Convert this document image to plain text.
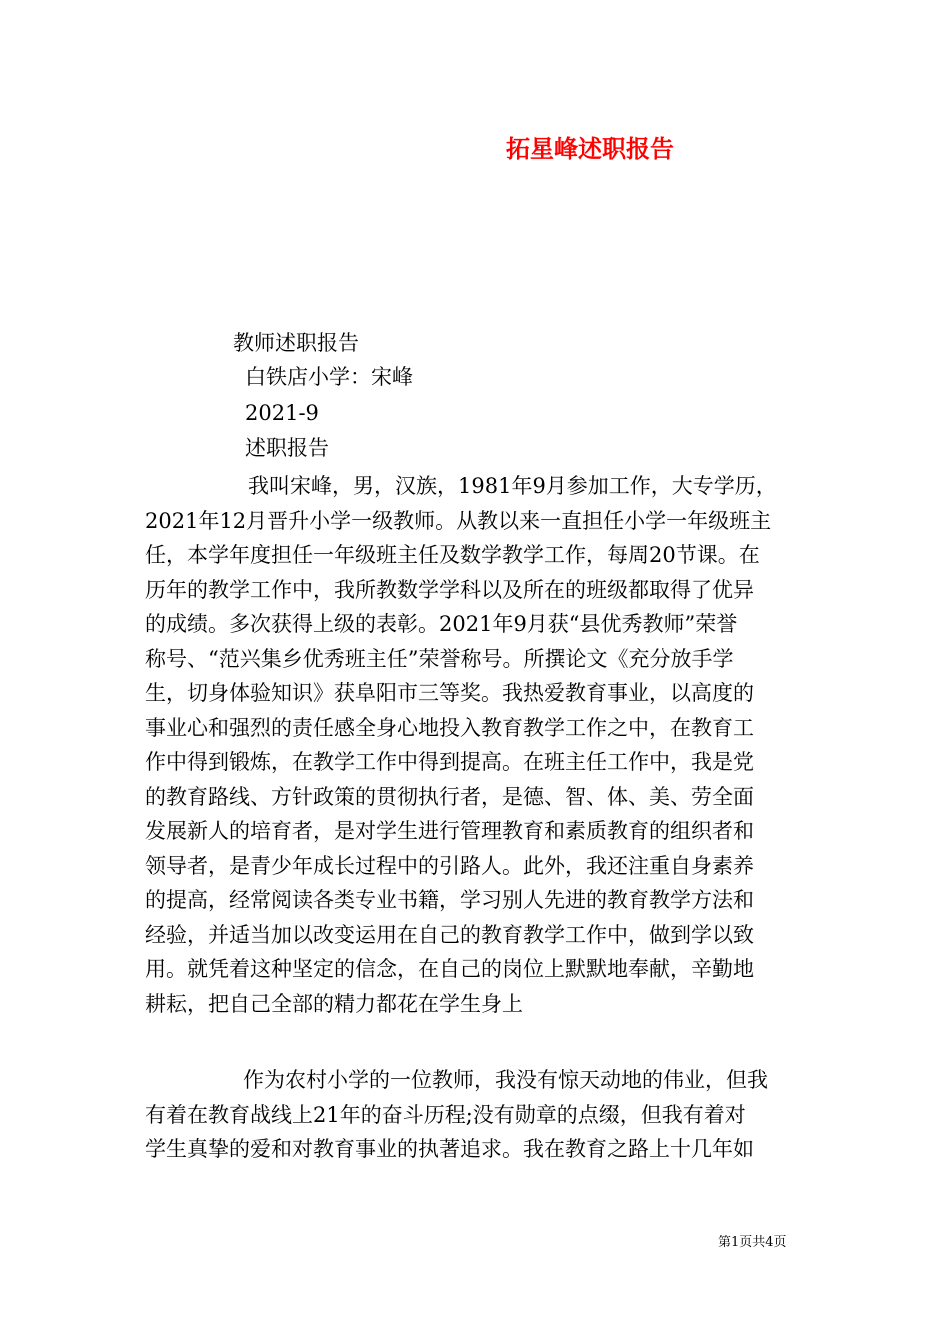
拓星峰述职报告
教师述职报告
白铁店小学：宋峰
2021-9
述职报告
我叫宋峰，男，汉族，1981年9月参加工作，大专学历，
2021年12月晋升小学一级教师。从教以来一直担任小学一年级班主
任，本学年度担任一年级班主任及数学教学工作，每周20节课。在
历年的教学工作中，我所教数学学科以及所在的班级都取得了优异
的成绩。多次获得上级的表彰。2021年9月获“县优秀教师”荣誉
称号、“范兴集乡优秀班主任”荣誉称号。所撰论文《充分放手学
生，切身体验知识》获阜阳市三等奖。我热爱教育事业，以高度的
事业心和强烈的责任感全身心地投入教育教学工作之中，在教育工
作中得到锻炼，在教学工作中得到提高。在班主任工作中，我是党
的教育路线、方针政策的贯彻执行者，是德、智、体、美、劳全面
发展新人的培育者，是对学生进行管理教育和素质教育的组织者和
领导者，是青少年成长过程中的引路人。此外，我还注重自身素养
的提高，经常阅读各类专业书籍，学习别人先进的教育教学方法和
经验，并适当加以改变运用在自己的教育教学工作中，做到学以致
用。就凭着这种坚定的信念，在自己的岗位上默默地奉献，辛勤地
耕耘，把自己全部的精力都花在学生身上
作为农村小学的一位教师，我没有惊天动地的伟业，但我
有着在教育战线上21年的奋斗历程;没有勋章的点缀，但我有着对
学生真挚的爱和对教育事业的执著追求。我在教育之路上十几年如
第1页共4页
